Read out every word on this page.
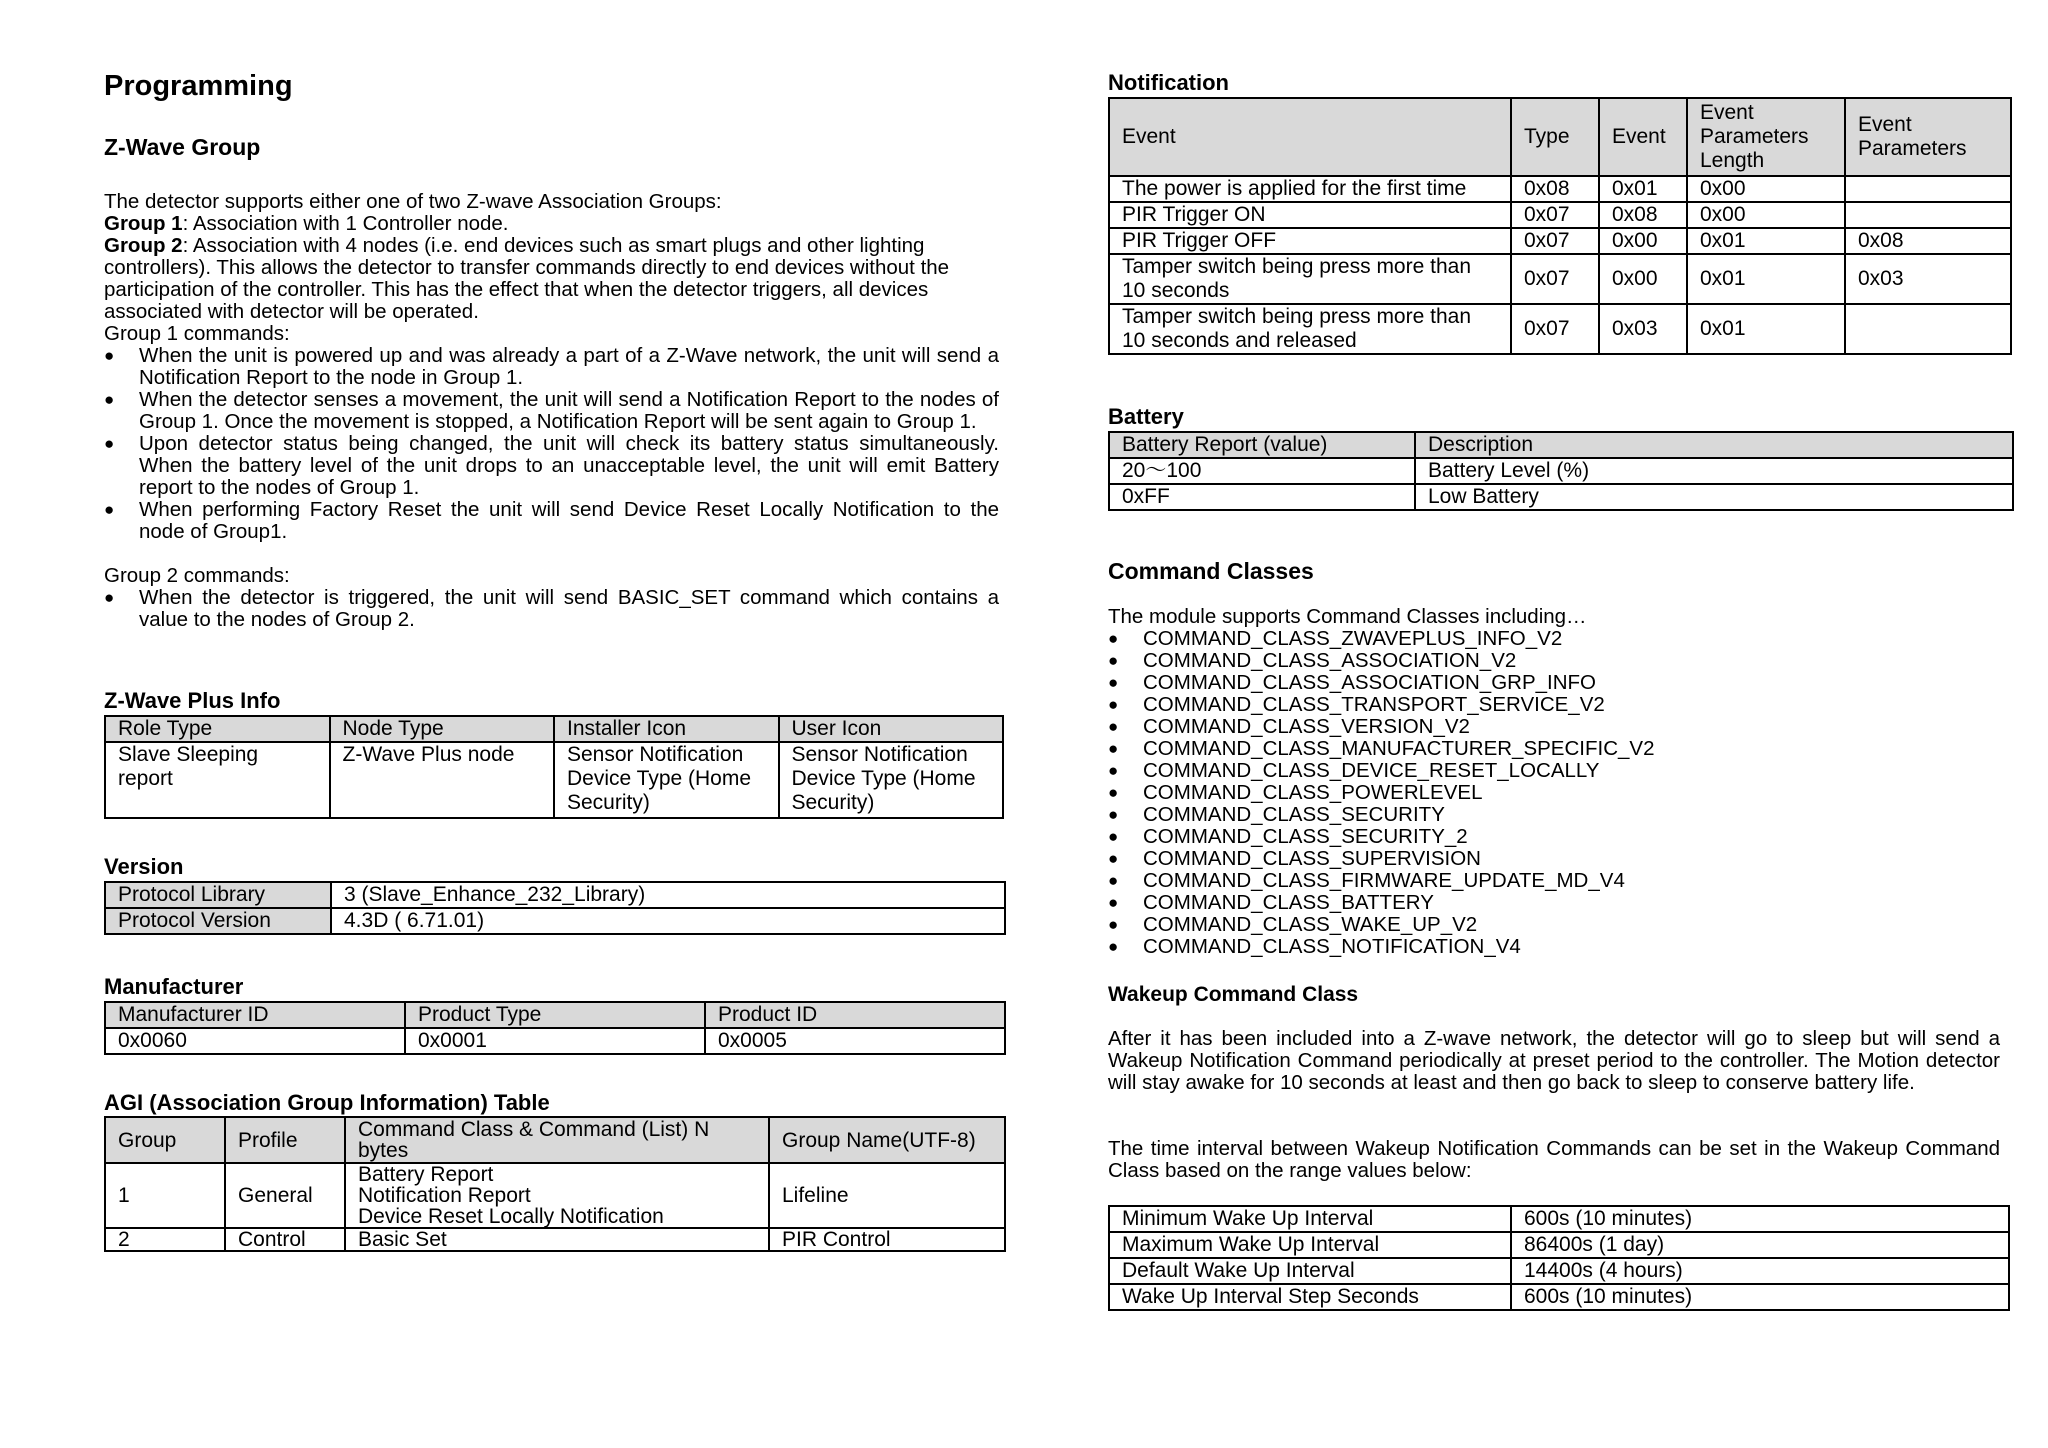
Programming
Z-Wave Group
The detector supports either one of two Z-wave Association Groups:
Group 1: Association with 1 Controller node.
Group 2: Association with 4 nodes (i.e. end devices such as smart plugs and other lighting controllers). This allows the detector to transfer commands directly to end devices without the participation of the controller. This has the effect that when the detector triggers, all devices associated with detector will be operated.
Group 1 commands:
● When the unit is powered up and was already a part of a Z-Wave network, the unit will send a Notification Report to the node in Group 1.
● When the detector senses a movement, the unit will send a Notification Report to the nodes of Group 1. Once the movement is stopped, a Notification Report will be sent again to Group 1.
● Upon detector status being changed, the unit will check its battery status simultaneously. When the battery level of the unit drops to an unacceptable level, the unit will emit Battery report to the nodes of Group 1.
● When performing Factory Reset the unit will send Device Reset Locally Notification to the node of Group1.
Group 2 commands:
● When the detector is triggered, the unit will send BASIC_SET command which contains a value to the nodes of Group 2.
Z-Wave Plus Info
Role Type	Node Type	Installer Icon	User Icon
Slave Sleeping report	Z-Wave Plus node	Sensor Notification Device Type (Home Security)	Sensor Notification Device Type (Home Security)
Version
Protocol Library	3 (Slave_Enhance_232_Library)
Protocol Version	4.3D ( 6.71.01)
Manufacturer
Manufacturer ID	Product Type	Product ID
0x0060	0x0001	0x0005
AGI (Association Group Information) Table
Group	Profile	Command Class & Command (List) N bytes	Group Name(UTF-8)
1	General	Battery Report
Notification Report
Device Reset Locally Notification	Lifeline
2	Control	Basic Set	PIR Control
Notification
Event	Type	Event	Event Parameters Length	Event Parameters
The power is applied for the first time	0x08	0x01	0x00	
PIR Trigger ON	0x07	0x08	0x00	
PIR Trigger OFF	0x07	0x00	0x01	0x08
Tamper switch being press more than 10 seconds	0x07	0x00	0x01	0x03
Tamper switch being press more than 10 seconds and released	0x07	0x03	0x01	
Battery
Battery Report (value)	Description
20～100	Battery Level (%)
0xFF	Low Battery
Command Classes
The module supports Command Classes including…
● COMMAND_CLASS_ZWAVEPLUS_INFO_V2
● COMMAND_CLASS_ASSOCIATION_V2
● COMMAND_CLASS_ASSOCIATION_GRP_INFO
● COMMAND_CLASS_TRANSPORT_SERVICE_V2
● COMMAND_CLASS_VERSION_V2
● COMMAND_CLASS_MANUFACTURER_SPECIFIC_V2
● COMMAND_CLASS_DEVICE_RESET_LOCALLY
● COMMAND_CLASS_POWERLEVEL
● COMMAND_CLASS_SECURITY
● COMMAND_CLASS_SECURITY_2
● COMMAND_CLASS_SUPERVISION
● COMMAND_CLASS_FIRMWARE_UPDATE_MD_V4
● COMMAND_CLASS_BATTERY
● COMMAND_CLASS_WAKE_UP_V2
● COMMAND_CLASS_NOTIFICATION_V4
Wakeup Command Class
After it has been included into a Z-wave network, the detector will go to sleep but will send a Wakeup Notification Command periodically at preset period to the controller. The Motion detector will stay awake for 10 seconds at least and then go back to sleep to conserve battery life.
The time interval between Wakeup Notification Commands can be set in the Wakeup Command Class based on the range values below:
Minimum Wake Up Interval	600s (10 minutes)
Maximum Wake Up Interval	86400s (1 day)
Default Wake Up Interval	14400s (4 hours)
Wake Up Interval Step Seconds	600s (10 minutes)
